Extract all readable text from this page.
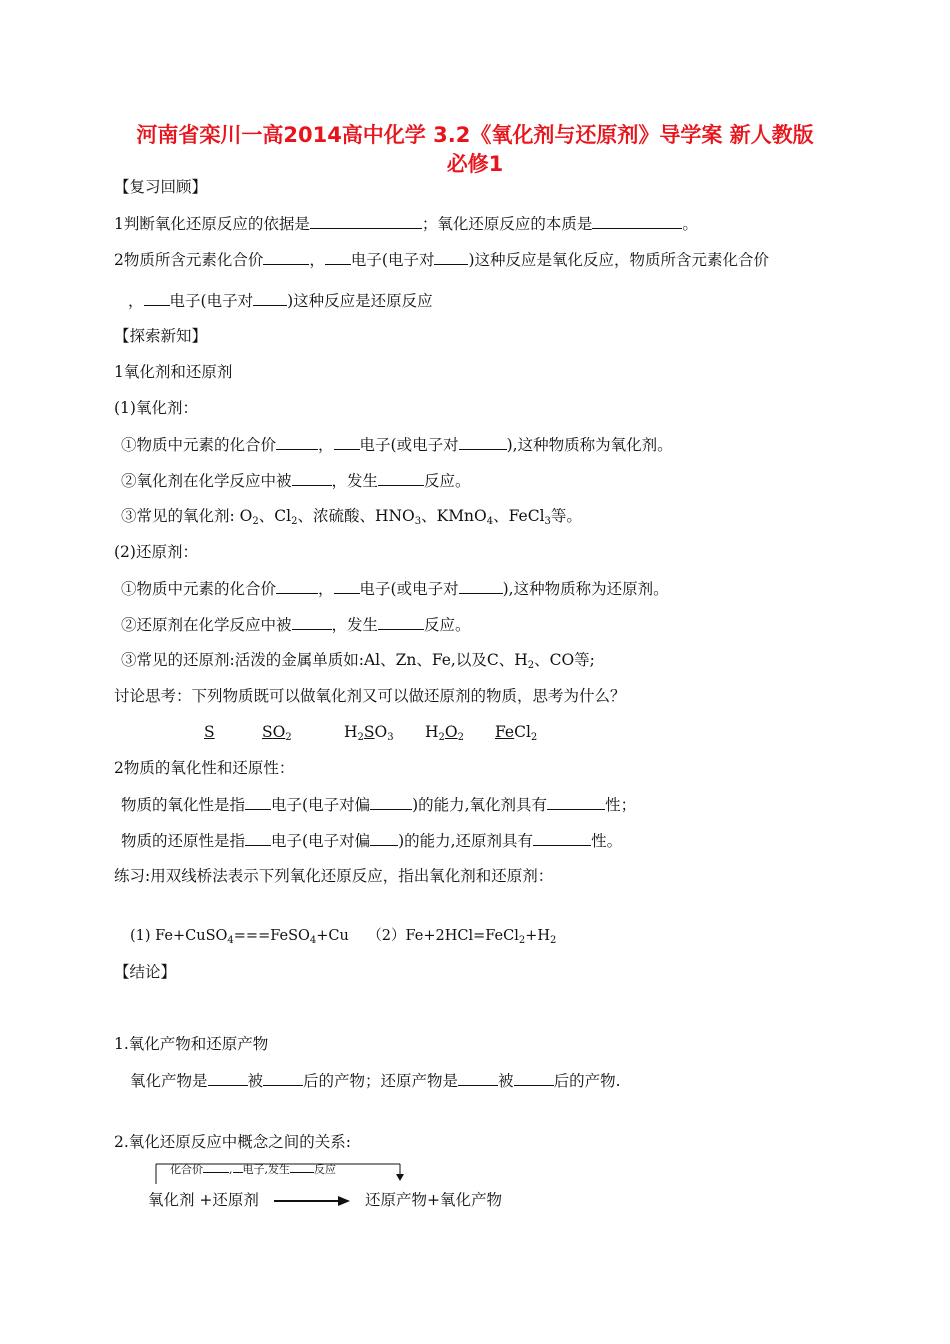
河南省栾川一高2014高中化学 3.2《氧化剂与还原剂》导学案 新人教版
必修1
【复习回顾】
1判断氧化还原反应的依据是	；氧化还原反应的本质是	。
2物质所含元素化合价	， 电子(电子对 )这种反应是氧化反应，物质所含元素化合价
， 电子(电子对 )这种反应是还原反应
【探索新知】
1氧化剂和还原剂
(1)氧化剂：
①物质中元素的化合价	， 电子(或电子对	),这种物质称为氧化剂。
②氧化剂在化学反应中被	，发生	反应。
③常见的氧化剂: $O_2$、$Cl_2$、浓硫酸、$HNO_3$、KMnO$_4$、FeCl$_3$等。
(2)还原剂：
①物质中元素的化合价	， 电子(或电子对	),这种物质称为还原剂。
②还原剂在化学反应中被	，发生	反应。
③常见的还原剂:活泼的金属单质如:Al、Zn、Fe,以及C、$H_2$、CO等;
讨论思考：下列物质既可以做氧化剂又可以做还原剂的物质，思考为什么？
S	$SO_2$	$H_2SO_3$ $H_2O_2$ FeCl$_2$
2物质的氧化性和还原性：
物质的氧化性是指 电子(电子对偏	)的能力,氧化剂具有	性；
物质的还原性是指 电子(电子对偏 )的能力,还原剂具有	性。
练习:用双线桥法表示下列氧化还原反应，指出氧化剂和还原剂：
(1) Fe+CuSO$_4$===FeSO$_4$+Cu $(2)Fe+2HCl=FeCl_2+H_2$
【结论】
1.氧化产物和还原产物
氧化产物是	被	后的产物；还原产物是	被	后的产物.
2.氧化还原反应中概念之间的关系:
化合价 , 电子,发生 反应
氧化剂 +还原剂	还原产物+氧化产物
